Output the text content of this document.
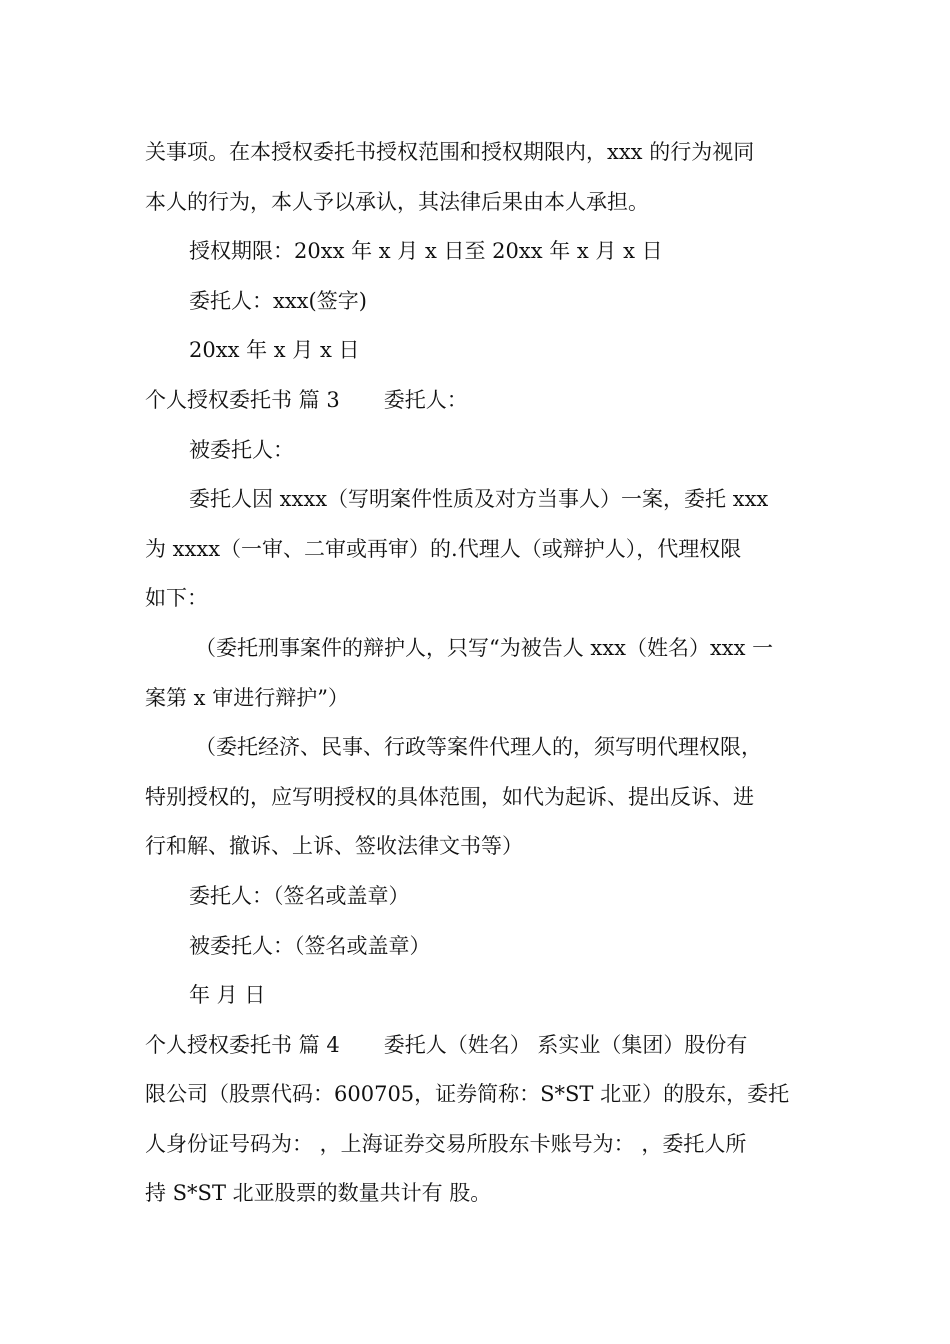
关事项。在本授权委托书授权范围和授权期限内，xxx 的行为视同
本人的行为，本人予以承认，其法律后果由本人承担。
授权期限：20xx 年 x 月 x 日至 20xx 年 x 月 x 日
委托人：xxx(签字)
20xx 年 x 月 x 日
个人授权委托书 篇 3 委托人：
被委托人：
委托人因 xxxx（写明案件性质及对方当事人）一案，委托 xxx
为 xxxx（一审、二审或再审）的.代理人（或辩护人），代理权限
如下：
（委托刑事案件的辩护人，只写“为被告人 xxx（姓名）xxx 一
案第 x 审进行辩护”）
（委托经济、民事、行政等案件代理人的，须写明代理权限，
特别授权的，应写明授权的具体范围，如代为起诉、提出反诉、进
行和解、撤诉、上诉、签收法律文书等）
委托人：（签名或盖章）
被委托人：（签名或盖章）
年 月 日
个人授权委托书 篇 4 委托人（姓名） 系实业（集团）股份有
限公司（股票代码：600705，证券简称：S*ST 北亚）的股东，委托
人身份证号码为： ，上海证券交易所股东卡账号为： ，委托人所
持 S*ST 北亚股票的数量共计有 股。
